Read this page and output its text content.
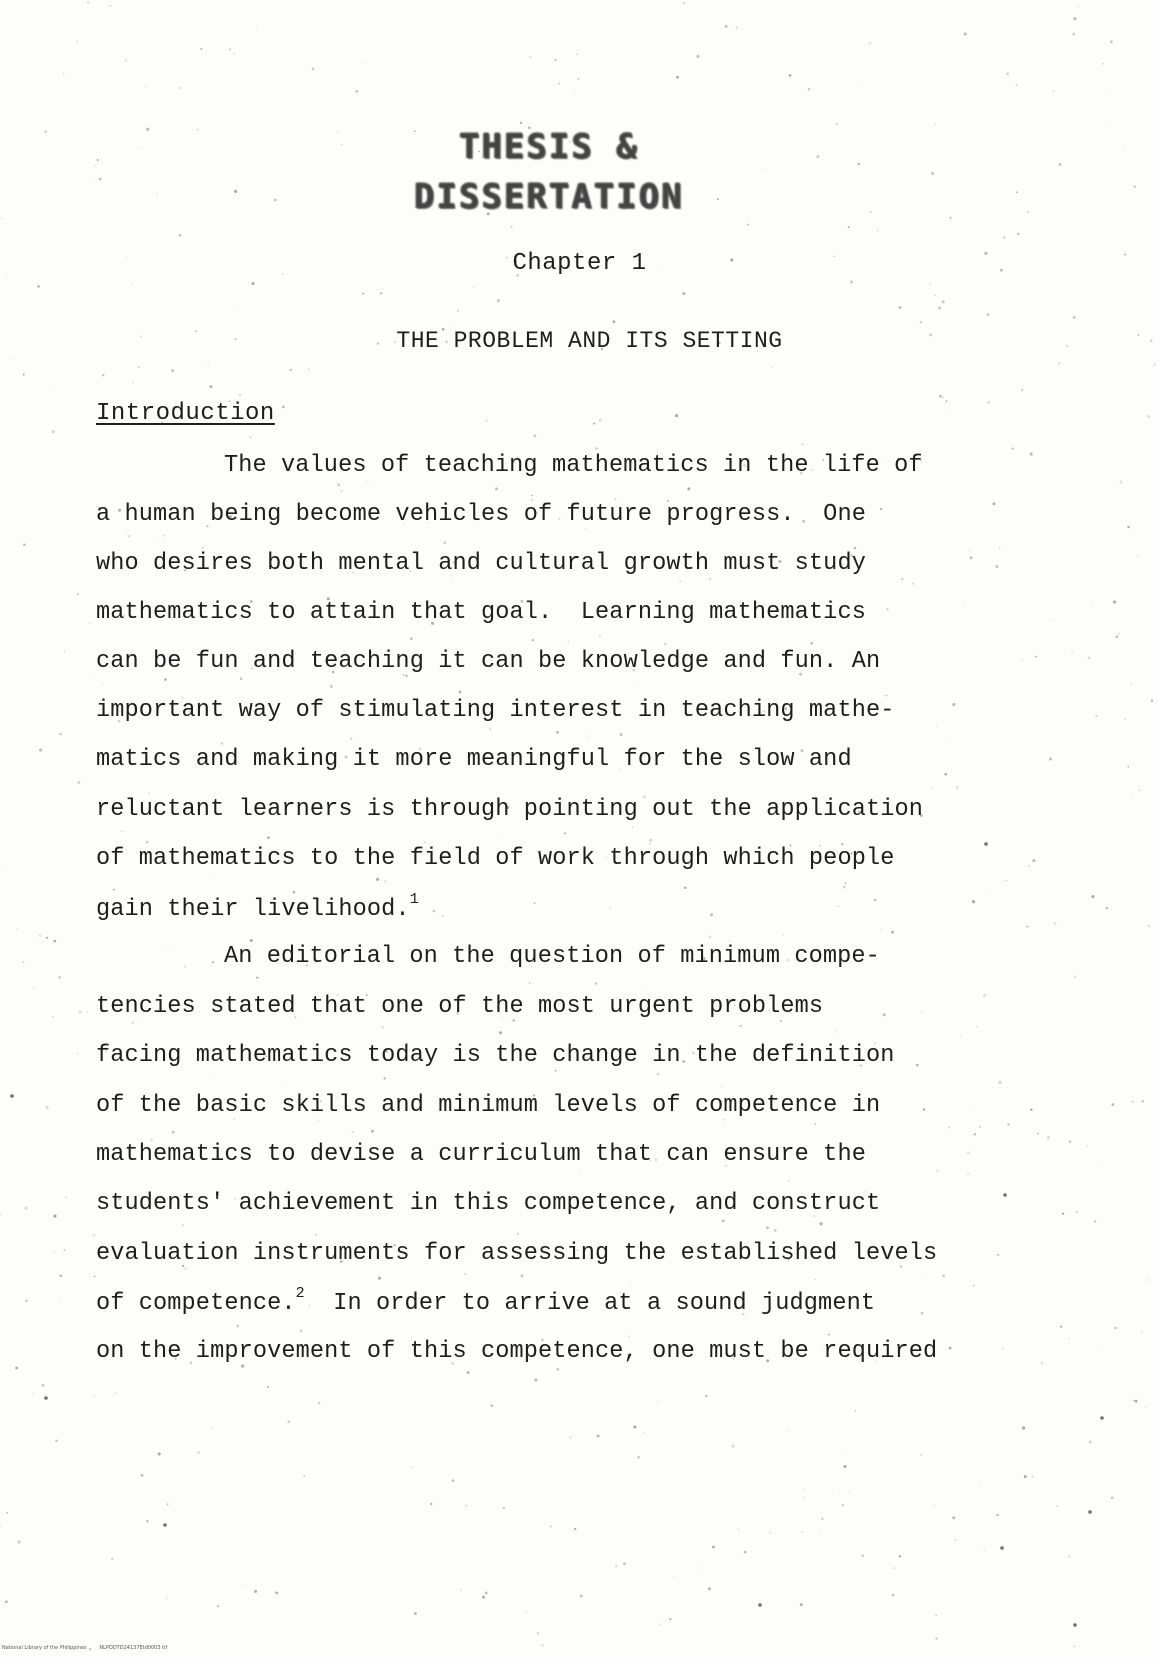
THESIS & DISSERTATION
Chapter 1
THE PROBLEM AND ITS SETTING
Introduction
The values of teaching mathematics in the life of
a human being become vehicles of future progress.  One
who desires both mental and cultural growth must study
mathematics to attain that goal.  Learning mathematics
can be fun and teaching it can be knowledge and fun. An
important way of stimulating interest in teaching mathe-
matics and making it more meaningful for the slow and
reluctant learners is through pointing out the application
of mathematics to the field of work through which people
gain their livelihood.$^1$
An editorial on the question of minimum compe-
tencies stated that one of the most urgent problems
facing mathematics today is the change in the definition
of the basic skills and minimum levels of competence in
mathematics to devise a curriculum that can ensure the
students' achievement in this competence, and construct
evaluation instruments for assessing the established levels
of competence.$^2$ In order to arrive at a sound judgment
on the improvement of this competence, one must be required
National Library of the Philippines	NLPODTD24137Etd0003 tif
